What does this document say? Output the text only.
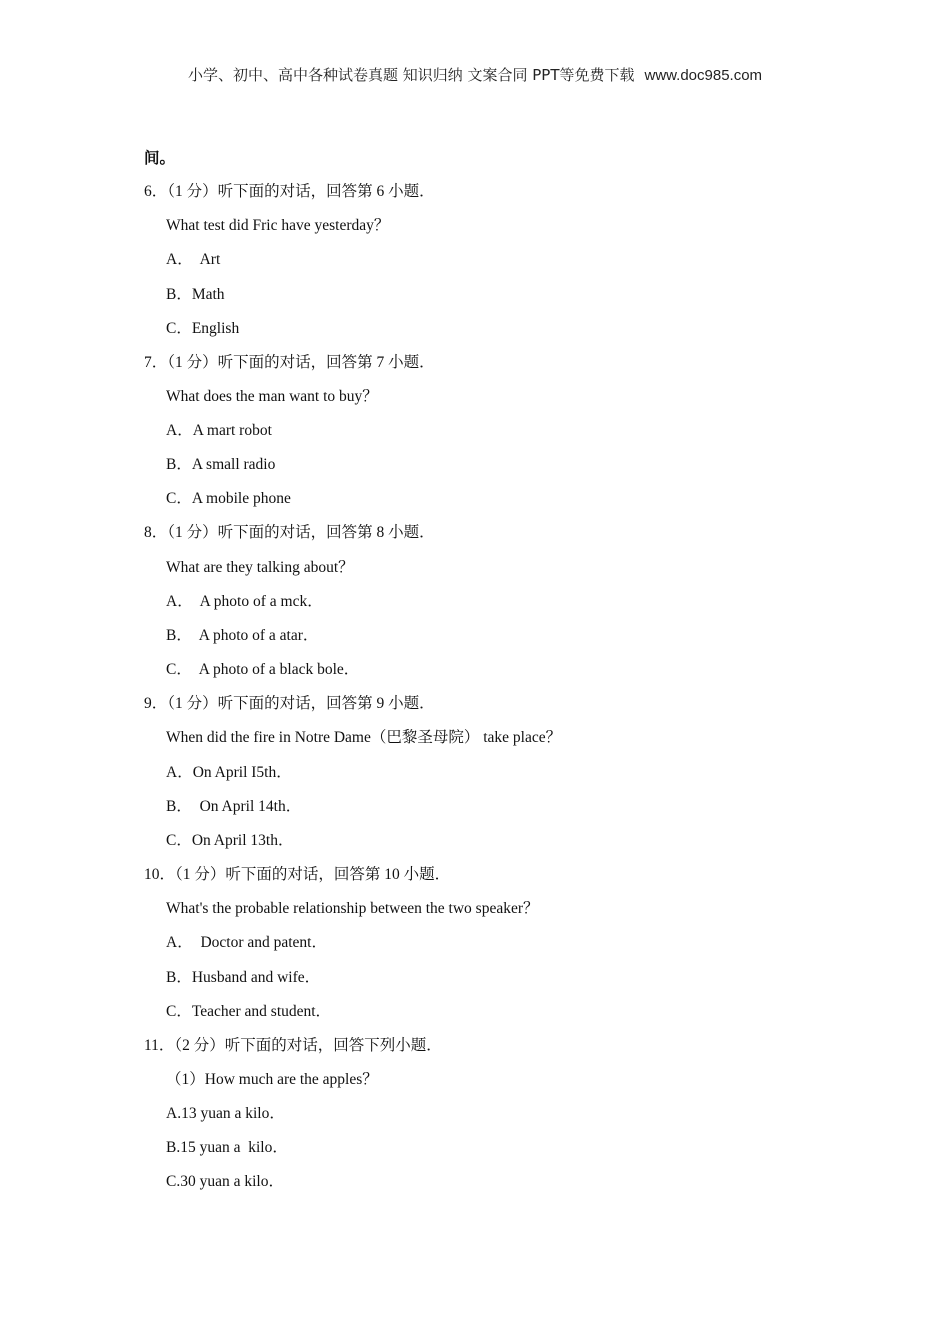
小学、初中、高中各种试卷真题 知识归纳 文案合同 PPT等免费下载 www.doc985.com
间。
6．（1 分）听下面的对话，回答第 6 小题．
What test did Fric have yesterday？
A．  Art
B．Math
C．English
7．（1 分）听下面的对话，回答第 7 小题．
What does the man want to buy？
A．A mart robot
B．A small radio
C．A mobile phone
8．（1 分）听下面的对话，回答第 8 小题．
What are they talking about？
A．  A photo of a mck．
B．  A photo of a atar．
C．  A photo of a black bole．
9．（1 分）听下面的对话，回答第 9 小题．
When did the fire in Notre Dame（巴黎圣母院） take place？
A．On April I5th．
B．  On April 14th．
C．On April 13th．
10．（1 分）听下面的对话，回答第 10 小题．
What's the probable relationship between the two speaker？
A．  Doctor and patent．
B．Husband and wife．
C．Teacher and student．
11．（2 分）听下面的对话，回答下列小题．
（1）How much are the apples？
A.13 yuan a kilo．
B.15 yuan a  kilo．
C.30 yuan a kilo．
